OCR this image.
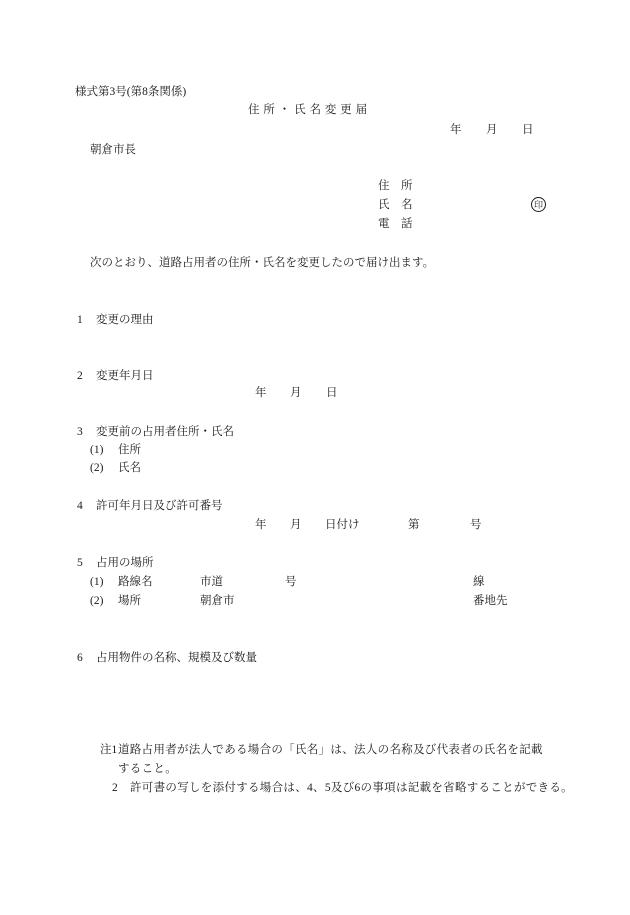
様式第3号(第8条関係)
住 所 ・ 氏 名 変 更 届
年 月 日
朝倉市長
住　所
氏　名	印
電　話
次のとおり、道路占用者の住所・氏名を変更したので届け出ます。
1 変更の理由
2 変更年月日
年 月 日
3 変更前の占用者住所・氏名
(1) 住所
(2) 氏名
4 許可年月日及び許可番号
年 月 日付け	第	号
5 占用の場所
(1) 路線名	市道	号	線
(2) 場所	朝倉市	番地先
6 占用物件の名称、規模及び数量
注1 道路占用者が法人である場合の「氏名」は、法人の名称及び代表者の氏名を記載
すること。
2 許可書の写しを添付する場合は、4、5及び6の事項は記載を省略することができる。
